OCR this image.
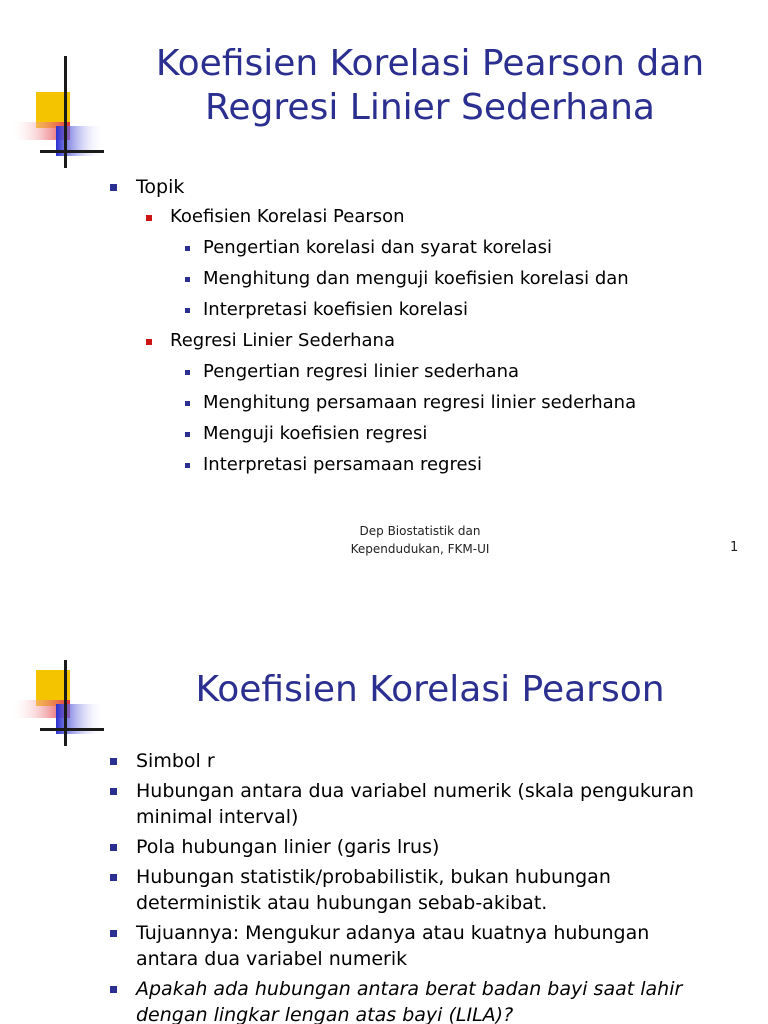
Koefisien Korelasi Pearson dan
Regresi Linier Sederhana
Topik
Koefisien Korelasi Pearson
Pengertian korelasi dan syarat korelasi
Menghitung dan menguji koefisien korelasi dan
Interpretasi koefisien korelasi
Regresi Linier Sederhana
Pengertian regresi linier sederhana
Menghitung persamaan regresi linier sederhana
Menguji koefisien regresi
Interpretasi persamaan regresi
Dep Biostatistik dan
Kependudukan, FKM-UI	1
Koefisien Korelasi Pearson
Simbol r
Hubungan antara dua variabel numerik (skala pengukuran minimal interval)
Pola hubungan linier (garis lrus)
Hubungan statistik/probabilistik, bukan hubungan deterministik atau hubungan sebab-akibat.
Tujuannya: Mengukur adanya atau kuatnya hubungan antara dua variabel numerik
Apakah ada hubungan antara berat badan bayi saat lahir dengan lingkar lengan atas bayi (LILA)?
